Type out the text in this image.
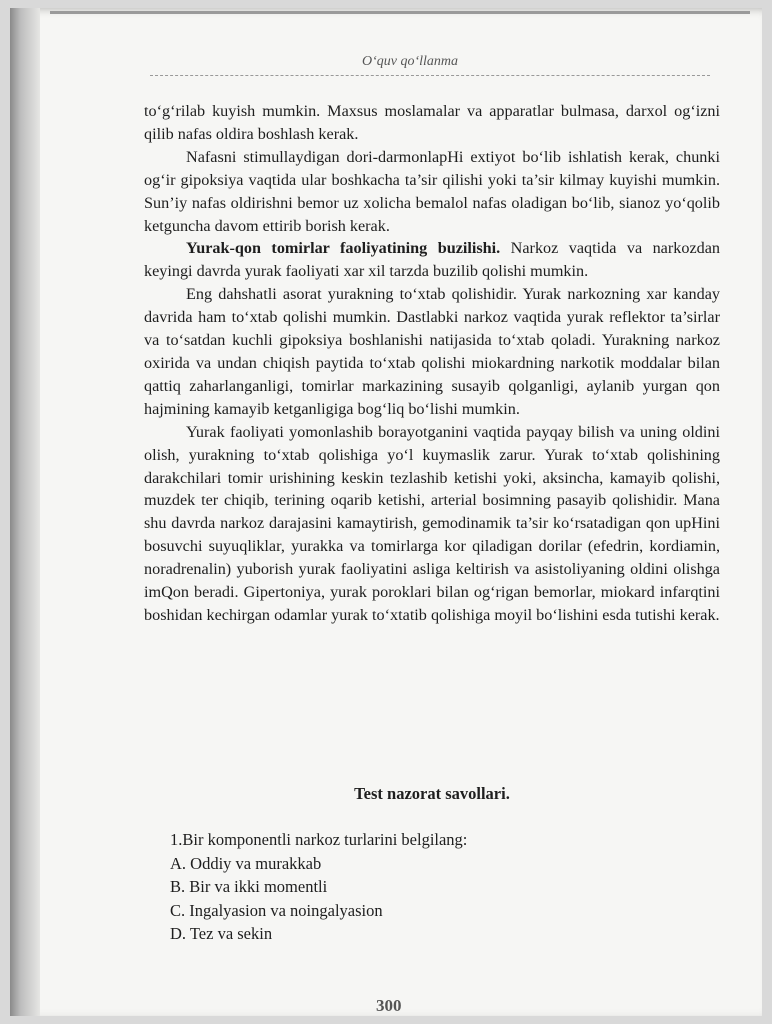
O‘quv qo‘llanma

to‘g‘rilab kuyish mumkin. Maxsus moslamalar va apparatlar bulmasa, darxol og‘izni qilib nafas oldira boshlash kerak.

Nafasni stimullaydigan dori-darmonlapHi extiyot bo‘lib ishlatish kerak, chunki og‘ir gipoksiya vaqtida ular boshkacha ta’sir qilishi yoki ta’sir kilmay kuyishi mumkin. Sun’iy nafas oldirishni bemor uz xolicha bemalol nafas oladigan bo‘lib, sianoz yo‘qolib ketguncha davom ettirib borish kerak.

Yurak-qon tomirlar faoliyatining buzilishi. Narkoz vaqtida va narkozdan keyingi davrda yurak faoliyati xar xil tarzda buzilib qolishi mumkin.

Eng dahshatli asorat yurakning to‘xtab qolishidir. Yurak narkozning xar kanday davrida ham to‘xtab qolishi mumkin. Dastlabki narkoz vaqtida yurak reflektor ta’sirlar va to‘satdan kuchli gipoksiya boshlanishi natijasida to‘xtab qoladi. Yurakning narkoz oxirida va undan chiqish paytida to‘xtab qolishi miokardning narkotik moddalar bilan qattiq zaharlanganligi, tomirlar markazining susayib qolganligi, aylanib yurgan qon hajmining kamayib ketganligiga bog‘liq bo‘lishi mumkin.

Yurak faoliyati yomonlashib borayotganini vaqtida payqay bilish va uning oldini olish, yurakning to‘xtab qolishiga yo‘l kuymaslik zarur. Yurak to‘xtab qolishining darakchilari tomir urishining keskin tezlashib ketishi yoki, aksincha, kamayib qolishi, muzdek ter chiqib, terining oqarib ketishi, arterial bosimning pasayib qolishidir. Mana shu davrda narkoz darajasini kamaytirish, gemodinamik ta’sir ko‘rsatadigan qon upHini bosuvchi suyuqliklar, yurakka va tomirlarga kor qiladigan dorilar (efedrin, kordiamin, noradrenalin) yuborish yurak faoliyatini asliga keltirish va asistoliyaning oldini olishga imQon beradi. Gipertoniya, yurak poroklari bilan og‘rigan bemorlar, miokard infarqtini boshidan kechirgan odamlar yurak to‘xtatib qolishiga moyil bo‘lishini esda tutishi kerak.

Test nazorat savollari.
1.Bir komponentli narkoz turlarini belgilang:
A. Oddiy va murakkab
B. Bir va ikki momentli
C. Ingalyasion va noingalyasion
D. Tez va sekin
300
